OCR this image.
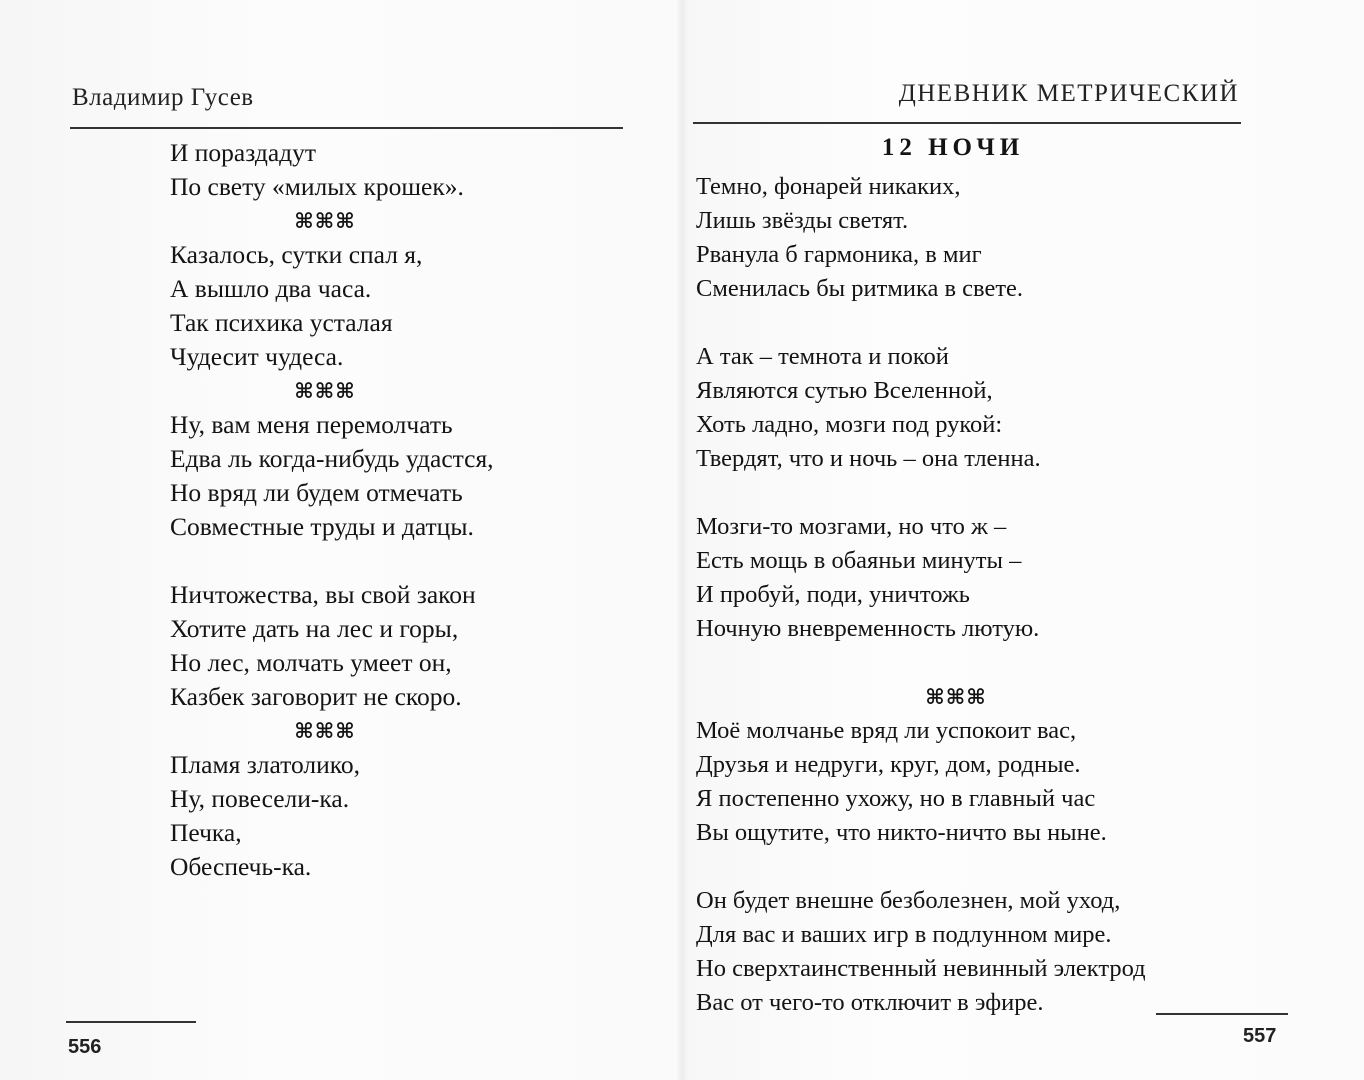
Владимир Гусев	ДНЕВНИК МЕТРИЧЕСКИЙ
И пораздадут
По свету «милых крошек».
⌘⌘⌘
Казалось, сутки спал я,
А вышло два часа.
Так психика усталая
Чудесит чудеса.
⌘⌘⌘
Ну, вам меня перемолчать
Едва ль когда-нибудь удастся,
Но вряд ли будем отмечать
Совместные труды и датцы.
Ничтожества, вы свой закон
Хотите дать на лес и горы,
Но лес, молчать умеет он,
Казбек заговорит не скоро.
⌘⌘⌘
Пламя златолико,
Ну, повесели-ка.
Печка,
Обеспечь-ка.
12 НОЧИ
Темно, фонарей никаких,
Лишь звёзды светят.
Рванула б гармоника, в миг
Сменилась бы ритмика в свете.
А так – темнота и покой
Являются сутью Вселенной,
Хоть ладно, мозги под рукой:
Твердят, что и ночь – она тленна.
Мозги-то мозгами, но что ж –
Есть мощь в обаяньи минуты –
И пробуй, поди, уничтожь
Ночную вневременность лютую.
⌘⌘⌘
Моё молчанье вряд ли успокоит вас,
Друзья и недруги, круг, дом, родные.
Я постепенно ухожу, но в главный час
Вы ощутите, что никто-ничто вы ныне.
Он будет внешне безболезнен, мой уход,
Для вас и ваших игр в подлунном мире.
Но сверхтаинственный невинный электрод
Вас от чего-то отключит в эфире.
556	557
